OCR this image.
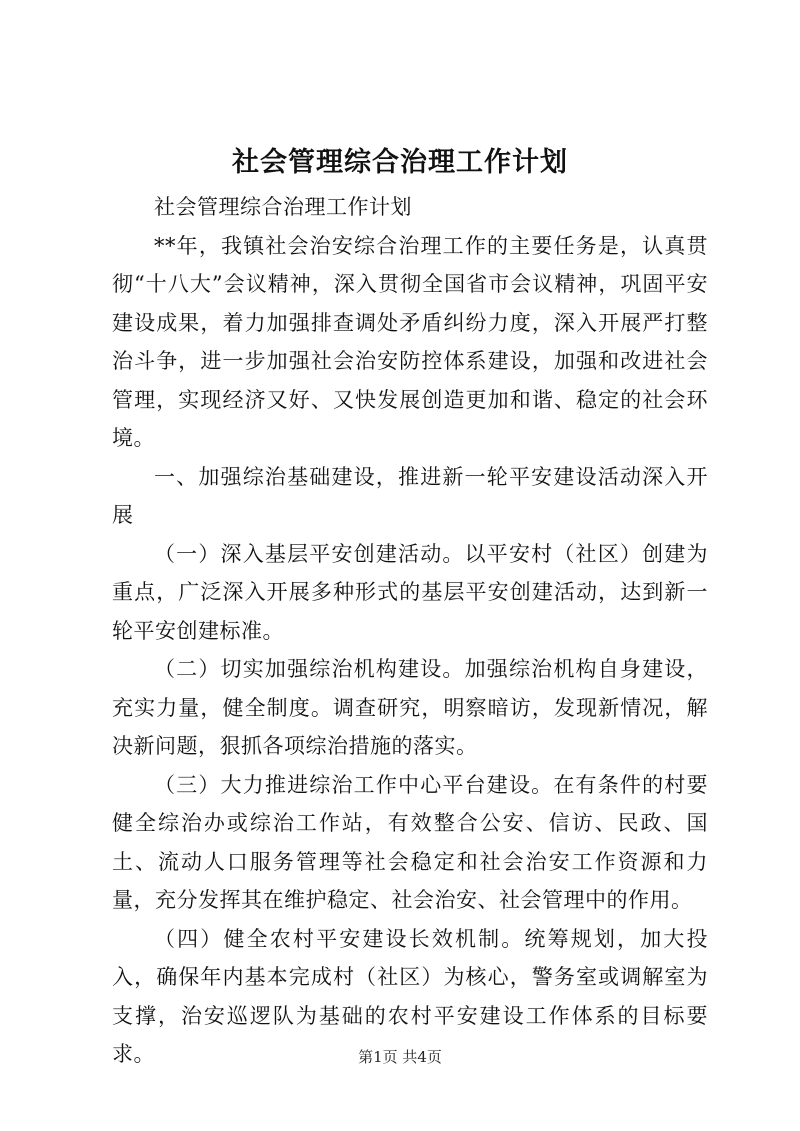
社会管理综合治理工作计划

社会管理综合治理工作计划

**年，我镇社会治安综合治理工作的主要任务是，认真贯彻“十八大”会议精神，深入贯彻全国省市会议精神，巩固平安建设成果，着力加强排查调处矛盾纠纷力度，深入开展严打整治斗争，进一步加强社会治安防控体系建设，加强和改进社会管理，实现经济又好、又快发展创造更加和谐、稳定的社会环境。

一、加强综治基础建设，推进新一轮平安建设活动深入开展

（一）深入基层平安创建活动。以平安村（社区）创建为重点，广泛深入开展多种形式的基层平安创建活动，达到新一轮平安创建标准。

（二）切实加强综治机构建设。加强综治机构自身建设，充实力量，健全制度。调查研究，明察暗访，发现新情况，解决新问题，狠抓各项综治措施的落实。

（三）大力推进综治工作中心平台建设。在有条件的村要健全综治办或综治工作站，有效整合公安、信访、民政、国土、流动人口服务管理等社会稳定和社会治安工作资源和力量，充分发挥其在维护稳定、社会治安、社会管理中的作用。

（四）健全农村平安建设长效机制。统筹规划，加大投入，确保年内基本完成村（社区）为核心，警务室或调解室为支撑，治安巡逻队为基础的农村平安建设工作体系的目标要求。	第1页 共4页
